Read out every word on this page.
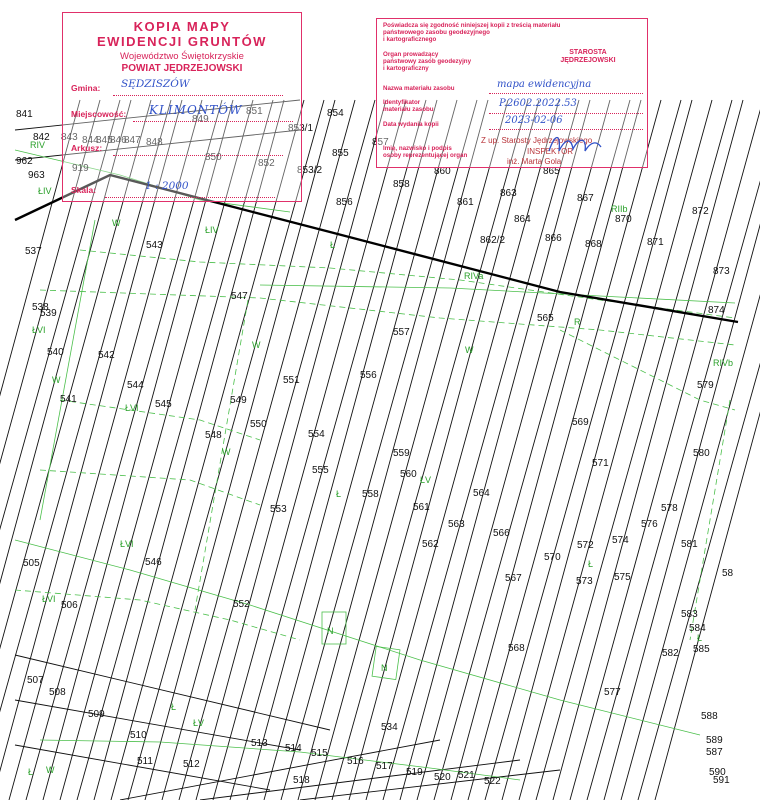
841
842 843 844
845
846
847 848
849
850
851
852
853/1
853/2
854
855
856
857
858
860
861
862/2
863
864
865
866
867
868
870
871
872
873
874
962
963
919
537
538
539
540
541
542
543
544
545
546
547
548
549
550
551
552
553
554
555
556
557
558
559
560
561
562
563
564
565
566
567
568
569
570
571
572
573
574
575
576
577
578
579
580
581
582
583
584
585
587
588
589
590
591
58
505
506
507
508
509
510
511	512
513 514 515
516 517
518
519 520 521
522
534
RIV
ŁIV
W
ŁIV
RIVa
RIVb
RIIb
ŁVI
W
ŁVI
W
W
Ł
ŁV
ŁVI
ŁVI
Ł
ŁV
Ł
W
R
N
N
Ł
Ł W
Ł
KOPIA MAPY
EWIDENCJI GRUNTÓW
Województwo Świętokrzyskie
POWIAT JĘDRZEJOWSKI
Gmina: SĘDZISZÓW
Miejscowość: KLIMONTÓW
Arkusz:
Skala:	1 : 2000
Poświadcza się zgodność niniejszej kopii z treścią materiału
państwowego zasobu geodezyjnego
i kartograficznego
Organ prowadzący
państwowy zasób geodezyjny
i kartograficzny
STAROSTA
JĘDRZEJOWSKI
Nazwa materiału zasobu	mapa ewidencyjna
Identyfikator
materiału zasobu
P.2602.2022.53
Data wydania kopii	2023-02-06
Imię, nazwisko i podpis
osoby reprezentującej organ
Z up. Starosty Jędrzejowskiego
INSPEKTOR
inż. Marta Gola
